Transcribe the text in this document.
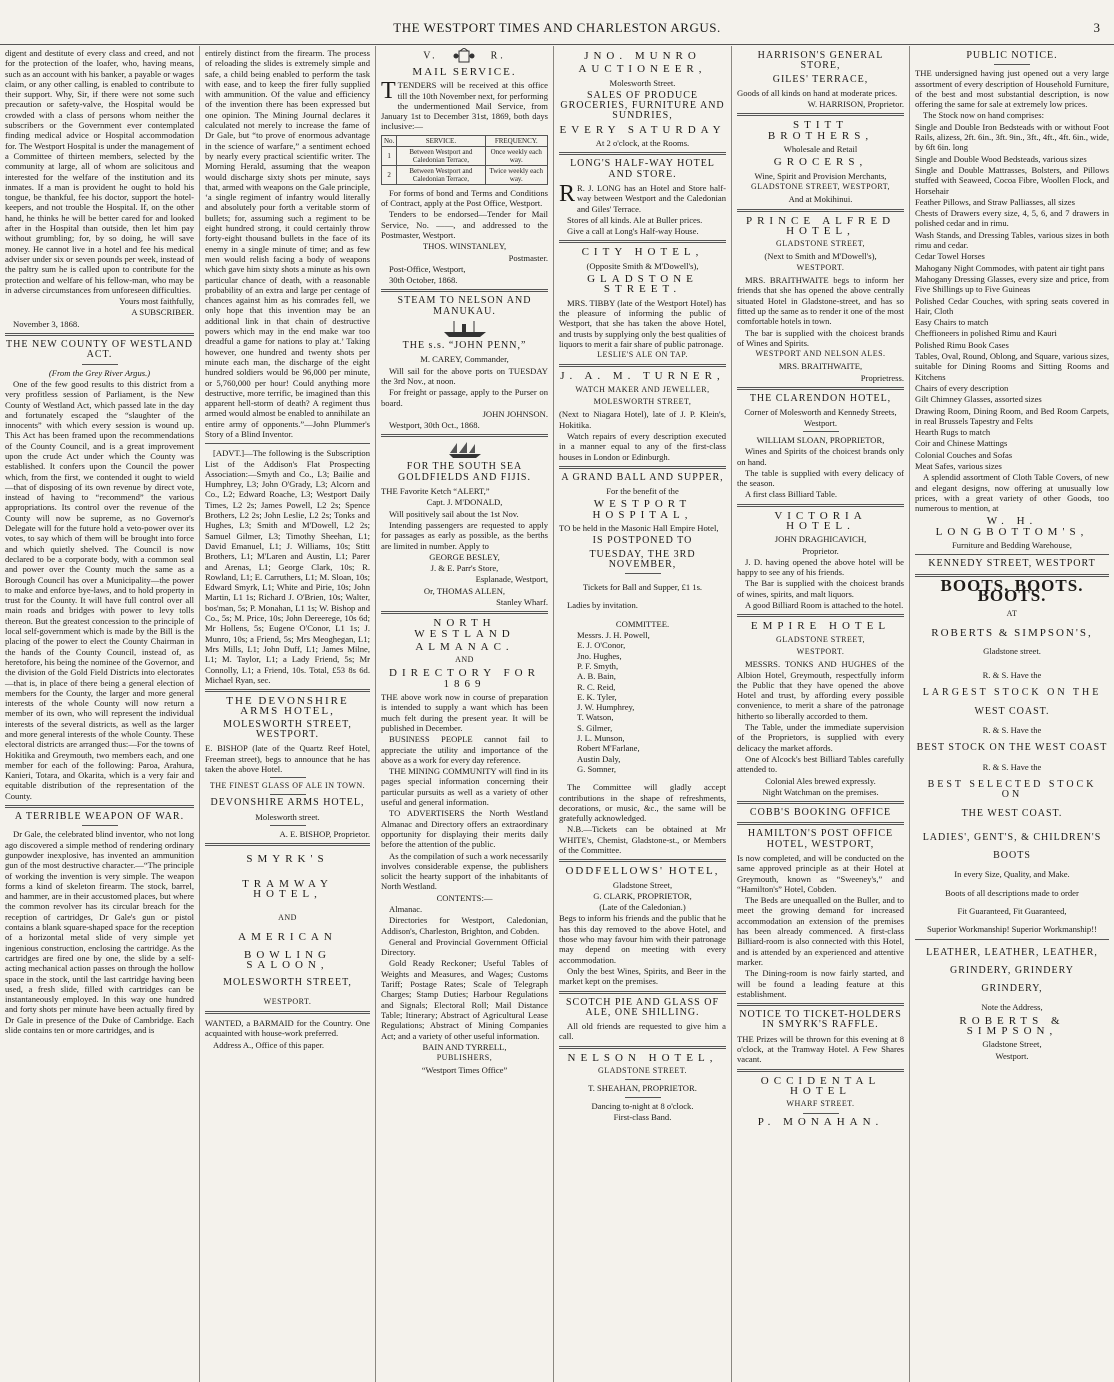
THE WESTPORT TIMES AND CHARLESTON ARGUS.	3

digent and destitute of every class and creed, and not for the protection of the loafer, who, having means, such as an account with his banker, a payable or wages claim, or any other calling, is enabled to contribute to their support. Why, Sir, if there were not some such precaution or safety-valve, the Hospital would be crowded with a class of persons whom neither the subscribers or the Government ever contemplated finding medical advice or Hospital accommodation for. The Westport Hospital is under the management of a Committee of thirteen members, selected by the community at large, all of whom are solicitous and interested for the welfare of the institution and its inmates. If a man is provident he ought to hold his tongue, be thankful, fee his doctor, support the hotel-keepers, and not trouble the Hospital. If, on the other hand, he thinks he will be better cared for and looked after in the Hospital than outside, then let him pay without grumbling; for, by so doing, he will save money. He cannot live in a hotel and fee his medical adviser under six or seven pounds per week, instead of the paltry sum he is called upon to contribute for the protection and welfare of his fellow-man, who may be in adverse circumstances from unforeseen difficulties.

Yours most faithfully,

A SUBSCRIBER.

November 3, 1868.

THE NEW COUNTY OF WESTLAND ACT.

(From the Grey River Argus.)

One of the few good results to this district from a very profitless session of Parliament, is the New County of Westland Act, which passed late in the day and fortunately escaped the “slaughter of the innocents” with which every session is wound up. This Act has been framed upon the recommendations of the County Council, and is a great improvement upon the crude Act under which the County was established. It confers upon the Council the power which, from the first, we contended it ought to wield—that of disposing of its own revenue by direct vote, instead of having to “recommend” the various appropriations. Its control over the revenue of the County will now be supreme, as no Governor's Delegate will for the future hold a veto-power over its votes, to say which of them will be brought into force and which quietly shelved. The Council is now declared to be a corporate body, with a common seal and power over the County much the same as a Borough Council has over a Municipality—the power to make and enforce bye-laws, and to hold property in trust for the County. It will have full control over all main roads and bridges with power to levy tolls thereon. But the greatest concession to the principle of local self-government which is made by the Bill is the placing of the power to elect the County Chairman in the hands of the County Council, instead of, as heretofore, his being the nominee of the Governor, and the division of the Gold Field Districts into electorates—that is, in place of there being a general election of members for the County, the larger and more general interests of the whole County will now return a member of its own, who will represent the individual interests of the several districts, as well as the larger and more general interests of the whole County. These electoral districts are arranged thus:—For the towns of Hokitika and Greymouth, two members each, and one member for each of the following: Paroa, Arahura, Kanieri, Totara, and Okarita, which is a very fair and equitable distribution of the representation of the County.

A TERRIBLE WEAPON OF WAR.

Dr Gale, the celebrated blind inventor, who not long ago discovered a simple method of rendering ordinary gunpowder inexplosive, has invented an ammunition gun of the most destructive character.—“The principle of working the invention is very simple. The weapon forms a kind of skeleton firearm. The stock, barrel, and hammer, are in their accustomed places, but where the common revolver has its circular breach for the reception of cartridges, Dr Gale's gun or pistol contains a blank square-shaped space for the reception of a horizontal metal slide of very simple yet ingenious construction, enclosing the cartridge. As the cartridges are fired one by one, the slide by a self-acting mechanical action passes on through the hollow space in the stock, until the last cartridge having been used, a fresh slide, filled with cartridges can be instantaneously employed. In this way one hundred and forty shots per minute have been actually fired by Dr Gale in presence of the Duke of Cambridge. Each slide contains ten or more cartridges, and is

entirely distinct from the firearm. The process of reloading the slides is extremely simple and safe, a child being enabled to perform the task with ease, and to keep the firer fully supplied with ammunition. Of the value and efficiency of the invention there has been expressed but one opinion. The Mining Journal declares it calculated not merely to increase the fame of Dr Gale, but “to prove of enormous advantage in the science of warfare,” a sentiment echoed by nearly every practical scientific writer. The Morning Herald, assuming that the weapon would discharge sixty shots per minute, says that, armed with weapons on the Gale principle, ‘a single regiment of infantry would literally and absolutely pour forth a veritable storm of bullets; for, assuming such a regiment to be eight hundred strong, it could certainly throw forty-eight thousand bullets in the face of its enemy in a single minute of time; and as few men would relish facing a body of weapons which gave him sixty shots a minute as his own particular chance of death, with a reasonable probability of an extra and large per centage of chances against him as his comrades fell, we only hope that this invention may be an additional link in that chain of destructive powers which may in the end make war too dreadful a game for nations to play at.’ Taking however, one hundred and twenty shots per minute each man, the discharge of the eight hundred soldiers would be 96,000 per minute, or 5,760,000 per hour! Could anything more destructive, more terrific, be imagined than this apparent hell-storm of death? A regiment thus armed would almost be enabled to annihilate an entire army of opponents.”—John Plummer's Story of a Blind Inventor.

[ADVT.]—The following is the Subscription List of the Addison's Flat Prospecting Association:—Smyth and Co., L3; Bailie and Humphrey, L3; John O'Grady, L3; Alcorn and Co., L2; Edward Roache, L3; Westport Daily Times, L2 2s; James Powell, L2 2s; Spence Brothers, L2 2s; John Leslie, L2 2s; Tonks and Hughes, L3; Smith and M'Dowell, L2 2s; Samuel Gilmer, L3; Timothy Sheehan, L1; David Emanuel, L1; J. Williams, 10s; Stitt Brothers, L1; M'Laren and Austin, L1; Parer and Arenas, L1; George Clark, 10s; R. Rowland, L1; E. Carruthers, L1; M. Sloan, 10s; Edward Smyrk, L1; White and Pirie, 10s; John Martin, L1 1s; Richard J. O'Brien, 10s; Walter, bos'man, 5s; P. Monahan, L1 1s; W. Bishop and Co., 5s; M. Price, 10s; John Dereerege, 10s 6d; Mr Hollens, 5s; Eugene O'Conor, L1 1s; J. Munro, 10s; a Friend, 5s; Mrs Meoghegan, L1; Mrs Mills, L1; John Duff, L1; James Milne, L1; M. Taylor, L1; a Lady Friend, 5s; Mr Connolly, L1; a Friend, 10s. Total, £53 8s 6d. Michael Ryan, sec.

THE DEVONSHIRE ARMS HOTEL,
MOLESWORTH STREET, WESTPORT.

E. BISHOP (late of the Quartz Reef Hotel, Freeman street), begs to announce that he has taken the above Hotel.

THE FINEST GLASS OF ALE IN TOWN.
DEVONSHIRE ARMS HOTEL,

Molesworth street.

A. E. BISHOP, Proprietor.

SMYRK'S
TRAMWAY HOTEL,
AND
AMERICAN
BOWLING SALOON,
MOLESWORTH STREET,
WESTPORT.

WANTED, a BARMAID for the Country. One acquainted with house-work preferred.

Address A., Office of this paper.

V.	R.
MAIL SERVICE.

TTENDERS will be received at this office till the 10th November next, for performing the undermentioned Mail Service, from January 1st to December 31st, 1869, both days inclusive:—

No.	SERVICE.	FREQUENCY.
1	Between Westport and Caledonian Terrace,	Once weekly each way.
2	Between Westport and Caledonian Terrace,	Twice weekly each way.

For forms of bond and Terms and Conditions of Contract, apply at the Post Office, Westport.

Tenders to be endorsed—Tender for Mail Service, No. ——, and addressed to the Postmaster, Westport.

THOS. WINSTANLEY,

Postmaster.

Post-Office, Westport,

30th October, 1868.

STEAM TO NELSON AND MANUKAU.

THE s.s. “JOHN PENN,”

M. CAREY, Commander,

Will sail for the above ports on TUESDAY the 3rd Nov., at noon.

For freight or passage, apply to the Purser on board.

JOHN JOHNSON.

Westport, 30th Oct., 1868.

FOR THE SOUTH SEA GOLDFIELDS AND FIJIS.

THE Favorite Ketch “ALERT,”

Capt. J. M'DONALD,

Will positively sail about the 1st Nov.

Intending passengers are requested to apply for passages as early as possible, as the berths are limited in number. Apply to

GEORGE BESLEY,

J. & E. Parr's Store,

Esplanade, Westport,

Or, THOMAS ALLEN,

Stanley Wharf.

NORTH WESTLAND
ALMANAC.
AND
DIRECTORY FOR 1869

THE above work now in course of preparation is intended to supply a want which has been much felt during the present year. It will be published in December.

BUSINESS PEOPLE cannot fail to appreciate the utility and importance of the above as a work for every day reference.

THE MINING COMMUNITY will find in its pages special information concerning their particular pursuits as well as a variety of other useful and general information.

TO ADVERTISERS the North Westland Almanac and Directory offers an extraordinary opportunity for displaying their merits daily before the attention of the public.

As the compilation of such a work necessarily involves considerable expense, the publishers solicit the hearty support of the inhabitants of North Westland.

CONTENTS:—

Almanac.

Directories for Westport, Caledonian, Addison's, Charleston, Brighton, and Cobden.

General and Provincial Government Official Directory.

Gold Ready Reckoner; Useful Tables of Weights and Measures, and Wages; Customs Tariff; Postage Rates; Scale of Telegraph Charges; Stamp Duties; Harbour Regulations and Signals; Electoral Roll; Mail Distance Table; Itinerary; Abstract of Agricultural Lease Regulations; Abstract of Mining Companies Act; and a variety of other useful information.

BAIN AND TYRRELL,

PUBLISHERS,

“Westport Times Office”

JNO. MUNRO
AUCTIONEER,

Molesworth Street.

SALES OF PRODUCE GROCERIES, FURNITURE AND SUNDRIES,
EVERY SATURDAY

At 2 o'clock, at the Rooms.

LONG'S HALF-WAY HOTEL AND STORE.

R R. J. LONG has an Hotel and Store half-way between Westport and the Caledonian and Giles' Terrace.

Stores of all kinds. Ale at Buller prices.

Give a call at Long's Half-way House.

CITY HOTEL,

(Opposite Smith & M'Dowell's),

GLADSTONE STREET.

MRS. TIBBY (late of the Westport Hotel) has the pleasure of informing the public of Westport, that she has taken the above Hotel, and trusts by supplying only the best qualities of liquors to merit a fair share of public patronage.

LESLIE'S ALE ON TAP.

J. A. M. TURNER,
WATCH MAKER AND JEWELLER,
MOLESWORTH STREET,

(Next to Niagara Hotel), late of J. P. Klein's, Hokitika.

Watch repairs of every description executed in a manner equal to any of the first-class houses in London or Edinburgh.

A GRAND BALL AND SUPPER,

For the benefit of the

WESTPORT HOSPITAL,

TO be held in the Masonic Hall Empire Hotel,

IS POSTPONED TO
TUESDAY, THE 3RD NOVEMBER,

Tickets for Ball and Supper, £1 1s.

Ladies by invitation.

COMMITTEE.

Messrs. J. H. Powell,
E. J. O'Conor,
Jno. Hughes,
P. F. Smyth,
A. B. Bain,
R. C. Reid,
E. K. Tyler,
J. W. Humphrey,
T. Watson,
S. Gilmer,
J. L. Munson,
Robert M'Farlane,
Austin Daly,
G. Somner,

The Committee will gladly accept contributions in the shape of refreshments, decorations, or music, &c., the same will be gratefully acknowledged.

N.B.—Tickets can be obtained at Mr WHITE's, Chemist, Gladstone-st., or Members of the Committee.

ODDFELLOWS' HOTEL,

Gladstone Street,

G. CLARK, PROPRIETOR,

(Late of the Caledonian.)

Begs to inform his friends and the public that he has this day removed to the above Hotel, and those who may favour him with their patronage may depend on meeting with every accommodation.

Only the best Wines, Spirits, and Beer in the market kept on the premises.

SCOTCH PIE AND GLASS OF ALE, ONE SHILLING.

All old friends are requested to give him a call.

NELSON HOTEL,
GLADSTONE STREET.

T. SHEAHAN, PROPRIETOR.

Dancing to-night at 8 o'clock.

First-class Band.

HARRISON'S GENERAL STORE,
GILES' TERRACE,

Goods of all kinds on hand at moderate prices.

W. HARRISON, Proprietor.

STITT BROTHERS,

Wholesale and Retail

GROCERS,

Wine, Spirit and Provision Merchants,

GLADSTONE STREET, WESTPORT,

And at Mokihinui.

PRINCE ALFRED HOTEL,
GLADSTONE STREET,

(Next to Smith and M'Dowell's),

WESTPORT.

MRS. BRAITHWAITE begs to inform her friends that she has opened the above centrally situated Hotel in Gladstone-street, and has so fitted up the same as to render it one of the most comfortable hotels in town.

The bar is supplied with the choicest brands of Wines and Spirits.

WESTPORT AND NELSON ALES.

MRS. BRAITHWAITE,

Proprietress.

THE CLARENDON HOTEL,

Corner of Molesworth and Kennedy Streets, Westport.

WILLIAM SLOAN, PROPRIETOR,

Wines and Spirits of the choicest brands only on hand.

The table is supplied with every delicacy of the season.

A first class Billiard Table.

VICTORIA HOTEL.

JOHN DRAGHICAVICH,

Proprietor.

J. D. having opened the above hotel will be happy to see any of his friends.

The Bar is supplied with the choicest brands of wines, spirits, and malt liquors.

A good Billiard Room is attached to the hotel.

EMPIRE HOTEL
GLADSTONE STREET,
WESTPORT.

MESSRS. TONKS AND HUGHES of the Albion Hotel, Greymouth, respectfully inform the Public that they have opened the above Hotel and trust, by affording every possible convenience, to merit a share of the patronage hitherto so liberally accorded to them.

The Table, under the immediate supervision of the Proprietors, is supplied with every delicacy the market affords.

One of Alcock's best Billiard Tables carefully attended to.

Colonial Ales brewed expressly.

Night Watchman on the premises.

COBB'S BOOKING OFFICE
HAMILTON'S POST OFFICE HOTEL, WESTPORT,

Is now completed, and will be conducted on the same approved principle as at their Hotel at Greymouth, known as “Sweeney's,” and “Hamilton's” Hotel, Cobden.

The Beds are unequalled on the Buller, and to meet the growing demand for increased accommodation an extension of the premises has been already commenced. A first-class Billiard-room is also connected with this Hotel, and is attended by an experienced and attentive marker.

The Dining-room is now fairly started, and will be found a leading feature at this establishment.

NOTICE TO TICKET-HOLDERS IN SMYRK'S RAFFLE.

THE Prizes will be thrown for this evening at 8 o'clock, at the Tramway Hotel. A Few Shares vacant.

OCCIDENTAL HOTEL
WHARF STREET.
P. MONAHAN.
PUBLIC NOTICE.

THE undersigned having just opened out a very large assortment of every description of Household Furniture, of the best and most substantial description, is now offering the same for sale at extremely low prices.

The Stock now on hand comprises:

Single and Double Iron Bedsteads with or without Foot Rails, alizess, 2ft. 6in., 3ft. 9in., 3ft., 4ft., 4ft. 6in., wide, by 6ft 6in. long

Single and Double Wood Bedsteads, various sizes

Single and Double Mattrasses, Bolsters, and Pillows stuffed with Seaweed, Cocoa Fibre, Woollen Flock, and Horsehair

Feather Pillows, and Straw Palliasses, all sizes

Chests of Drawers every size, 4, 5, 6, and 7 drawers in polished cedar and in rimu.

Wash Stands, and Dressing Tables, various sizes in both rimu and cedar.

Cedar Towel Horses

Mahogany Night Commodes, with patent air tight pans

Mahogany Dressing Glasses, every size and price, from Five Shillings up to Five Guineas

Polished Cedar Couches, with spring seats covered in Hair, Cloth

Easy Chairs to match

Cheffioneers in polished Rimu and Kauri

Polished Rimu Book Cases

Tables, Oval, Round, Oblong, and Square, various sizes, suitable for Dining Rooms and Sitting Rooms and Kitchens

Chairs of every description

Gilt Chimney Glasses, assorted sizes

Drawing Room, Dining Room, and Bed Room Carpets, in real Brussels Tapestry and Felts

Hearth Rugs to match

Coir and Chinese Mattings

Colonial Couches and Sofas

Meat Safes, various sizes

A splendid assortment of Cloth Table Covers, of new and elegant designs, now offering at unusually low prices, with a great variety of other Goods, too numerous to mention, at

W. H. LONGBOTTOM'S,

Furniture and Bedding Warehouse,

KENNEDY STREET, WESTPORT
BOOTS. BOOTS. BOOTS.
AT
ROBERTS & SIMPSON'S,

Gladstone street.

R. & S. Have the

LARGEST STOCK ON THE
WEST COAST.

R. & S. Have the

BEST STOCK ON THE WEST COAST

R. & S. Have the

BEST SELECTED STOCK ON
THE WEST COAST.
LADIES', GENT'S, & CHILDREN'S
BOOTS

In every Size, Quality, and Make.

Boots of all descriptions made to order

Fit Guaranteed, Fit Guaranteed,

Superior Workmanship! Superior Workmanship!!

LEATHER, LEATHER, LEATHER,
GRINDERY, GRINDERY
GRINDERY,

Note the Address,

ROBERTS & SIMPSON,

Gladstone Street,

Westport.
